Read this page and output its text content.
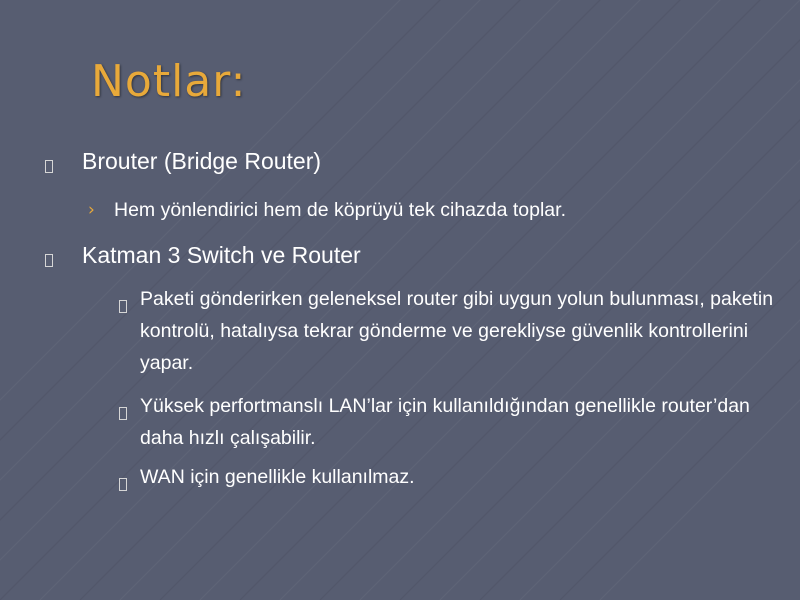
Notlar:
Brouter (Bridge Router)
› Hem yönlendirici hem de köprüyü tek cihazda toplar.
Katman 3 Switch ve Router
Paketi gönderirken geleneksel router gibi uygun yolun bulunması, paketin kontrolü, hatalıysa tekrar gönderme ve gerekliyse güvenlik kontrollerini yapar.
Yüksek perfortmanslı LAN’lar için kullanıldığından genellikle router’dan daha hızlı çalışabilir.
WAN için genellikle kullanılmaz.
